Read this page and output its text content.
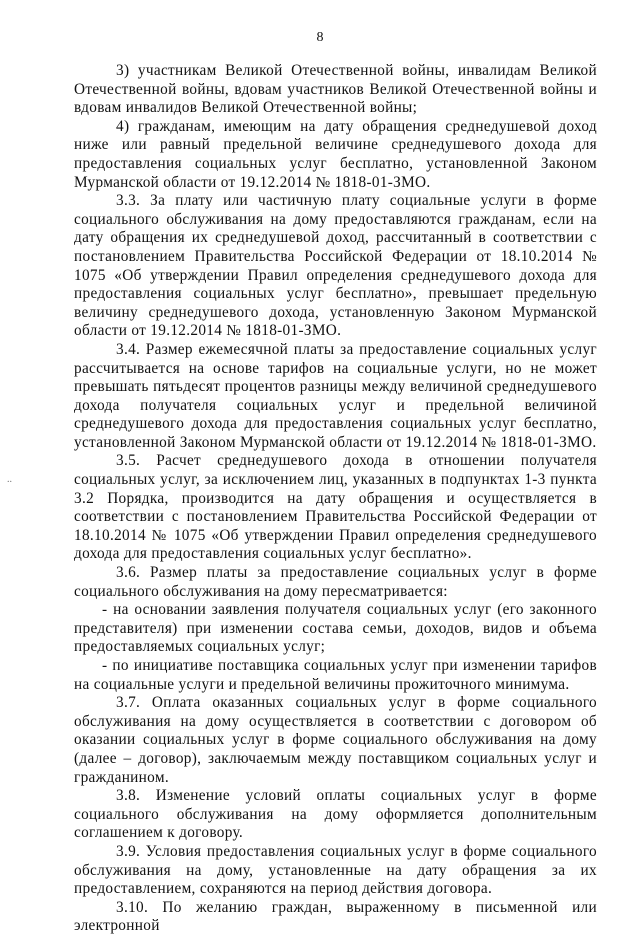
8
..

3) участникам Великой Отечественной войны, инвалидам Великой Отечественной войны, вдовам участников Великой Отечественной войны и вдовам инвалидов Великой Отечественной войны;

4) гражданам, имеющим на дату обращения среднедушевой доход ниже или равный предельной величине среднедушевого дохода для предоставления социальных услуг бесплатно, установленной Законом Мурманской области от 19.12.2014 № 1818-01-ЗМО.

3.3. За плату или частичную плату социальные услуги в форме социального обслуживания на дому предоставляются гражданам, если на дату обращения их среднедушевой доход, рассчитанный в соответствии с постановлением Правительства Российской Федерации от 18.10.2014 № 1075 «Об утверждении Правил определения среднедушевого дохода для предоставления социальных услуг бесплатно», превышает предельную величину среднедушевого дохода, установленную Законом Мурманской области от 19.12.2014 № 1818-01-ЗМО.

3.4. Размер ежемесячной платы за предоставление социальных услуг рассчитывается на основе тарифов на социальные услуги, но не может превышать пятьдесят процентов разницы между величиной среднедушевого дохода получателя социальных услуг и предельной величиной среднедушевого дохода для предоставления социальных услуг бесплатно, установленной Законом Мурманской области от 19.12.2014 № 1818-01-ЗМО.

3.5. Расчет среднедушевого дохода в отношении получателя социальных услуг, за исключением лиц, указанных в подпунктах 1-3 пункта 3.2 Порядка, производится на дату обращения и осуществляется в соответствии с постановлением Правительства Российской Федерации от 18.10.2014 № 1075 «Об утверждении Правил определения среднедушевого дохода для предоставления социальных услуг бесплатно».

3.6. Размер платы за предоставление социальных услуг в форме социального обслуживания на дому пересматривается:

- на основании заявления получателя социальных услуг (его законного представителя) при изменении состава семьи, доходов, видов и объема предоставляемых социальных услуг;

- по инициативе поставщика социальных услуг при изменении тарифов на социальные услуги и предельной величины прожиточного минимума.

3.7. Оплата оказанных социальных услуг в форме социального обслуживания на дому осуществляется в соответствии с договором об оказании социальных услуг в форме социального обслуживания на дому (далее – договор), заключаемым между поставщиком социальных услуг и гражданином.

3.8. Изменение условий оплаты социальных услуг в форме социального обслуживания на дому оформляется дополнительным соглашением к договору.

3.9. Условия предоставления социальных услуг в форме социального обслуживания на дому, установленные на дату обращения за их предоставлением, сохраняются на период действия договора.

3.10. По желанию граждан, выраженному в письменной или электронной
